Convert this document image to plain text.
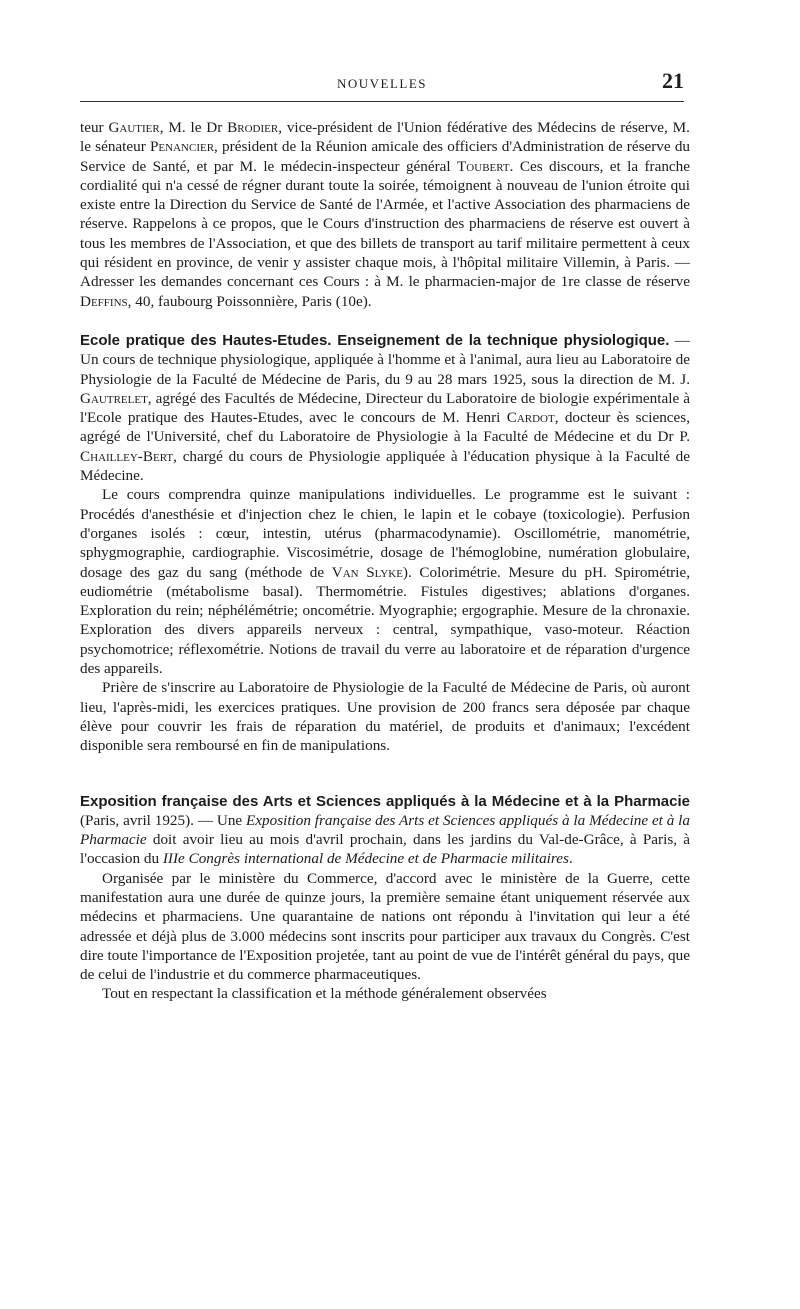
NOUVELLES	21

teur Gautier, M. le Dr Brodier, vice-président de l'Union fédérative des Médecins de réserve, M. le sénateur Penancier, président de la Réunion amicale des officiers d'Administration de réserve du Service de Santé, et par M. le médecin-inspecteur général Toubert. Ces discours, et la franche cordialité qui n'a cessé de régner durant toute la soirée, témoignent à nouveau de l'union étroite qui existe entre la Direction du Service de Santé de l'Armée, et l'active Association des pharmaciens de réserve. Rappelons à ce propos, que le Cours d'instruction des pharmaciens de réserve est ouvert à tous les membres de l'Association, et que des billets de transport au tarif militaire permettent à ceux qui résident en province, de venir y assister chaque mois, à l'hôpital militaire Villemin, à Paris. — Adresser les demandes concernant ces Cours : à M. le pharmacien-major de 1re classe de réserve Deffins, 40, faubourg Poissonnière, Paris (10e).

Ecole pratique des Hautes-Etudes. Enseignement de la technique physiologique. — Un cours de technique physiologique, appliquée à l'homme et à l'animal, aura lieu au Laboratoire de Physiologie de la Faculté de Médecine de Paris, du 9 au 28 mars 1925, sous la direction de M. J. Gautrelet, agrégé des Facultés de Médecine, Directeur du Laboratoire de biologie expérimentale à l'Ecole pratique des Hautes-Etudes, avec le concours de M. Henri Cardot, docteur ès sciences, agrégé de l'Université, chef du Laboratoire de Physiologie à la Faculté de Médecine et du Dr P. Chailley-Bert, chargé du cours de Physiologie appliquée à l'éducation physique à la Faculté de Médecine.

Le cours comprendra quinze manipulations individuelles. Le programme est le suivant : Procédés d'anesthésie et d'injection chez le chien, le lapin et le cobaye (toxicologie). Perfusion d'organes isolés : cœur, intestin, utérus (pharmacodynamie). Oscillométrie, manométrie, sphygmographie, cardiographie. Viscosimétrie, dosage de l'hémoglobine, numération globulaire, dosage des gaz du sang (méthode de Van Slyke). Colorimétrie. Mesure du pH. Spirométrie, eudiométrie (métabolisme basal). Thermométrie. Fistules digestives; ablations d'organes. Exploration du rein; néphélémétrie; oncométrie. Myographie; ergographie. Mesure de la chronaxie. Exploration des divers appareils nerveux : central, sympathique, vaso-moteur. Réaction psychomotrice; réflexométrie. Notions de travail du verre au laboratoire et de réparation d'urgence des appareils.

Prière de s'inscrire au Laboratoire de Physiologie de la Faculté de Médecine de Paris, où auront lieu, l'après-midi, les exercices pratiques. Une provision de 200 francs sera déposée par chaque élève pour couvrir les frais de réparation du matériel, de produits et d'animaux; l'excédent disponible sera remboursé en fin de manipulations.

Exposition française des Arts et Sciences appliqués à la Médecine et à la Pharmacie (Paris, avril 1925). — Une Exposition française des Arts et Sciences appliqués à la Médecine et à la Pharmacie doit avoir lieu au mois d'avril prochain, dans les jardins du Val-de-Grâce, à Paris, à l'occasion du IIIe Congrès international de Médecine et de Pharmacie militaires.

Organisée par le ministère du Commerce, d'accord avec le ministère de la Guerre, cette manifestation aura une durée de quinze jours, la première semaine étant uniquement réservée aux médecins et pharmaciens. Une quarantaine de nations ont répondu à l'invitation qui leur a été adressée et déjà plus de 3.000 médecins sont inscrits pour participer aux travaux du Congrès. C'est dire toute l'importance de l'Exposition projetée, tant au point de vue de l'intérêt général du pays, que de celui de l'industrie et du commerce pharmaceutiques.

Tout en respectant la classification et la méthode généralement observées
